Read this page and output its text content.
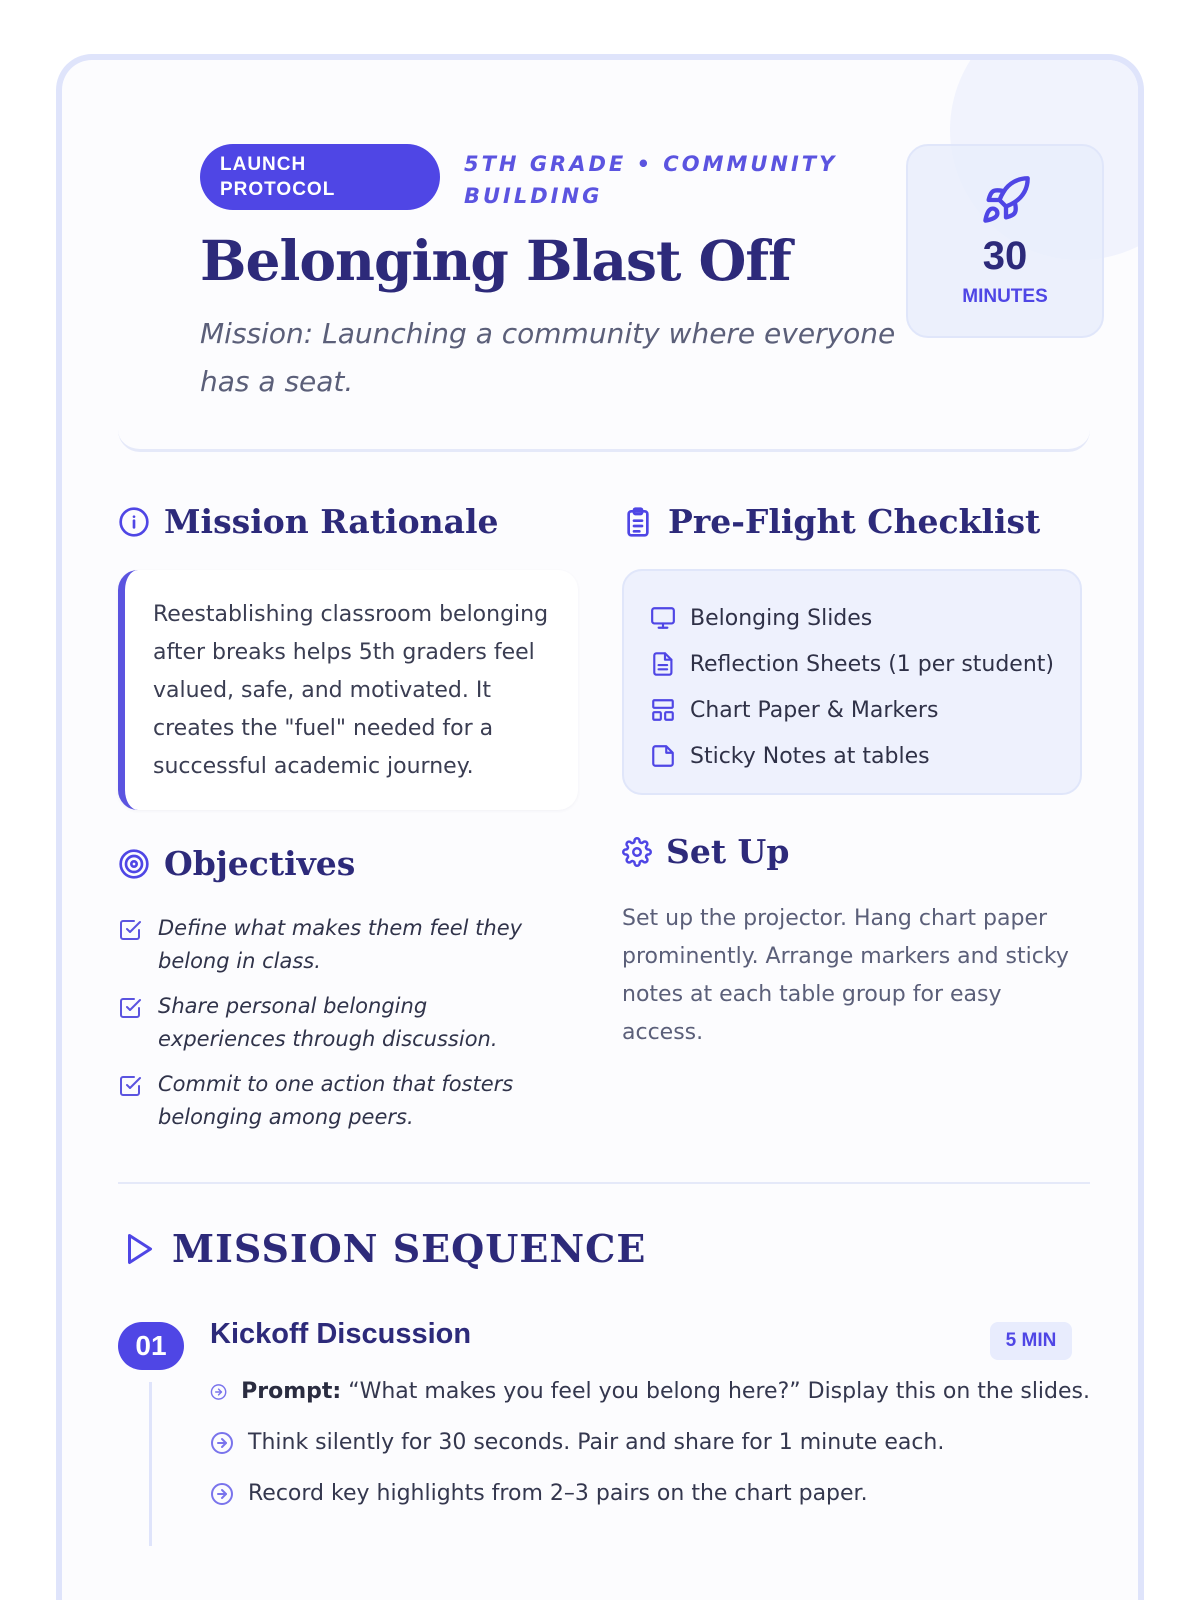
LAUNCH PROTOCOL
5TH GRADE • COMMUNITY BUILDING
Belonging Blast Off
Mission: Launching a community where everyone has a seat.
30
MINUTES
Mission Rationale
Reestablishing classroom belonging after breaks helps 5th graders feel valued, safe, and motivated. It creates the "fuel" needed for a successful academic journey.
Pre-Flight Checklist
Belonging Slides
Reflection Sheets (1 per student)
Chart Paper & Markers
Sticky Notes at tables
Objectives
Define what makes them feel they belong in class.
Share personal belonging experiences through discussion.
Commit to one action that fosters belonging among peers.
Set Up
Set up the projector. Hang chart paper prominently. Arrange markers and sticky notes at each table group for easy access.
MISSION SEQUENCE
01	Kickoff Discussion	5 MIN
Prompt: “What makes you feel you belong here?” Display this on the slides.
Think silently for 30 seconds. Pair and share for 1 minute each.
Record key highlights from 2–3 pairs on the chart paper.
